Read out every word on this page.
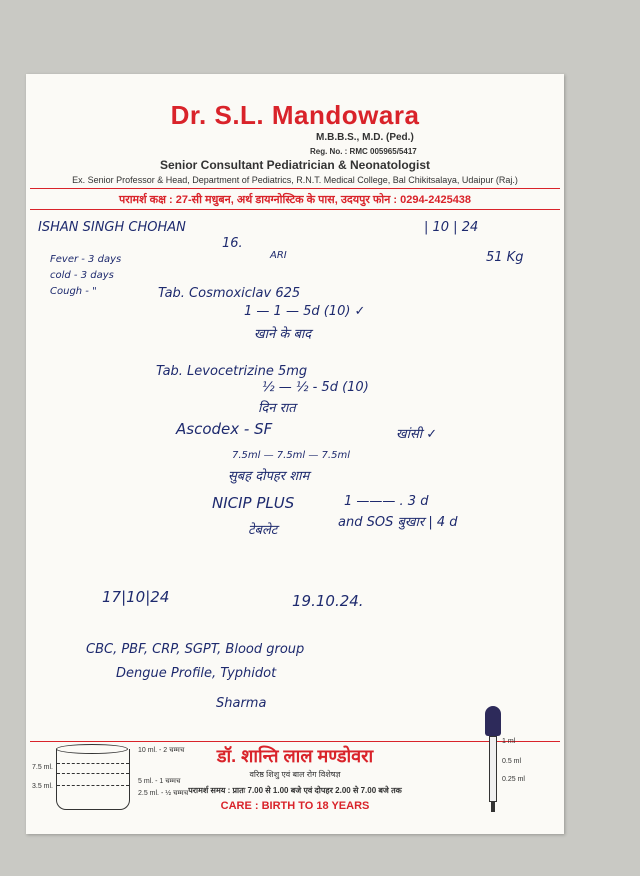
Dr. S.L. Mandowara
M.B.B.S., M.D. (Ped.)
Reg. No. : RMC 005965/5417
Senior Consultant Pediatrician & Neonatologist
Ex. Senior Professor & Head, Department of Pediatrics, R.N.T. Medical College, Bal Chikitsalaya, Udaipur (Raj.)
परामर्श कक्ष : 27-सी मधुबन, अर्थ डायग्नोस्टिक के पास, उदयपुर फोन : 0294-2425438
ISHAN SINGH CHOHAN
16.
ARI
| 10 | 24
51 Kg
Fever - 3 days
cold - 3 days
Cough - "	Tab. Cosmoxiclav 625
1 — 1 — 5d (10) ✓
खाने के बाद
Tab. Levocetrizine 5mg
½ — ½ - 5d (10)
दिन रात
Ascodex - SF	खांसी ✓
7.5ml — 7.5ml — 7.5ml
सुबह दोपहर शाम
NICIP PLUS	1 ——— . 3 d
टेबलेट
and SOS बुखार | 4 d
17|10|24	19.10.24.
CBC, PBF, CRP, SGPT, Blood group
Dengue Profile, Typhidot
Sharma
10 ml. - 2 चम्मच
7.5 ml.
5 ml. - 1 चम्मच
3.5 ml.
2.5 ml. - ½ चम्मच
डॉ. शान्ति लाल मण्डोवरा
वरिष्ठ शिशु एवं बाल रोग विशेषज्ञ
परामर्श समय : प्रातः 7.00 से 1.00 बजे एवं दोपहर 2.00 से 7.00 बजे तक
CARE : BIRTH TO 18 YEARS
1 ml
0.5 ml
0.25 ml
